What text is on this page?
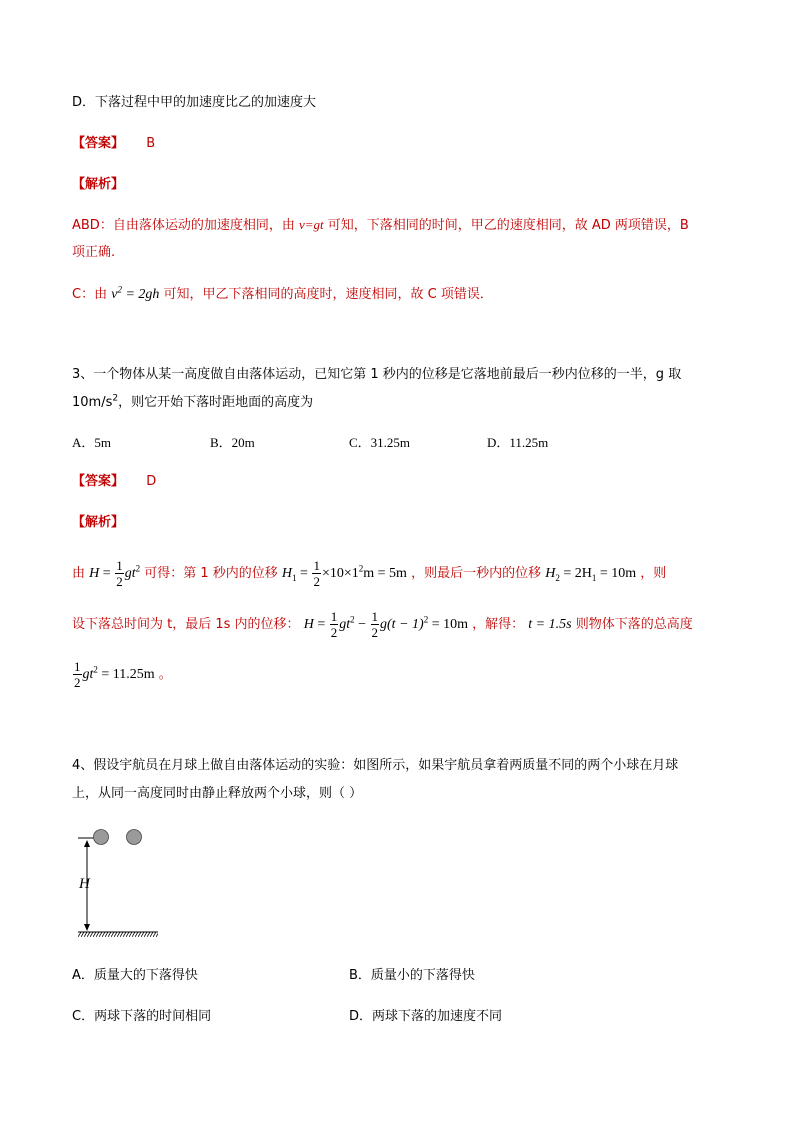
D．下落过程中甲的加速度比乙的加速度大
【答案】 B
【解析】
ABD：自由落体运动的加速度相同，由 v=gt 可知，下落相同的时间，甲乙的速度相同，故 AD 两项错误，B
项正确.
C：由 $v^2 = 2gh$ 可知，甲乙下落相同的高度时，速度相同，故 C 项错误．
3、一个物体从某一高度做自由落体运动，已知它第 1 秒内的位移是它落地前最后一秒内位移的一半，g 取
$10m/s^2$，则它开始下落时距地面的高度为
A．5m	B．20m	C．31.25m	D．11.25m
【答案】 D
【解析】
由 $H = \frac{1}{2} gt^2$ 可得：第 1 秒内的位移 $H_1 = \frac{1}{2} \times 10\times 1^2m = 5m$ ，则最后一秒内的位移 $H_2 = 2H_1 = 10m$ ，则
设下落总时间为 t，最后 1s 内的位移： $H = \frac{1}{2} gt^2 - \frac{1}{2} g(t - 1)^2 = 10m$ ，解得： t = 1.5s 则物体下落的总高度
$\frac{1}{2} gt^2 = 11.25m$ 。
4、假设宇航员在月球上做自由落体运动的实验：如图所示，如果宇航员拿着两质量不同的两个小球在月球
上，从同一高度同时由静止释放两个小球，则（ ）
H
A．质量大的下落得快	B．质量小的下落得快
C．两球下落的时间相同	D．两球下落的加速度不同
